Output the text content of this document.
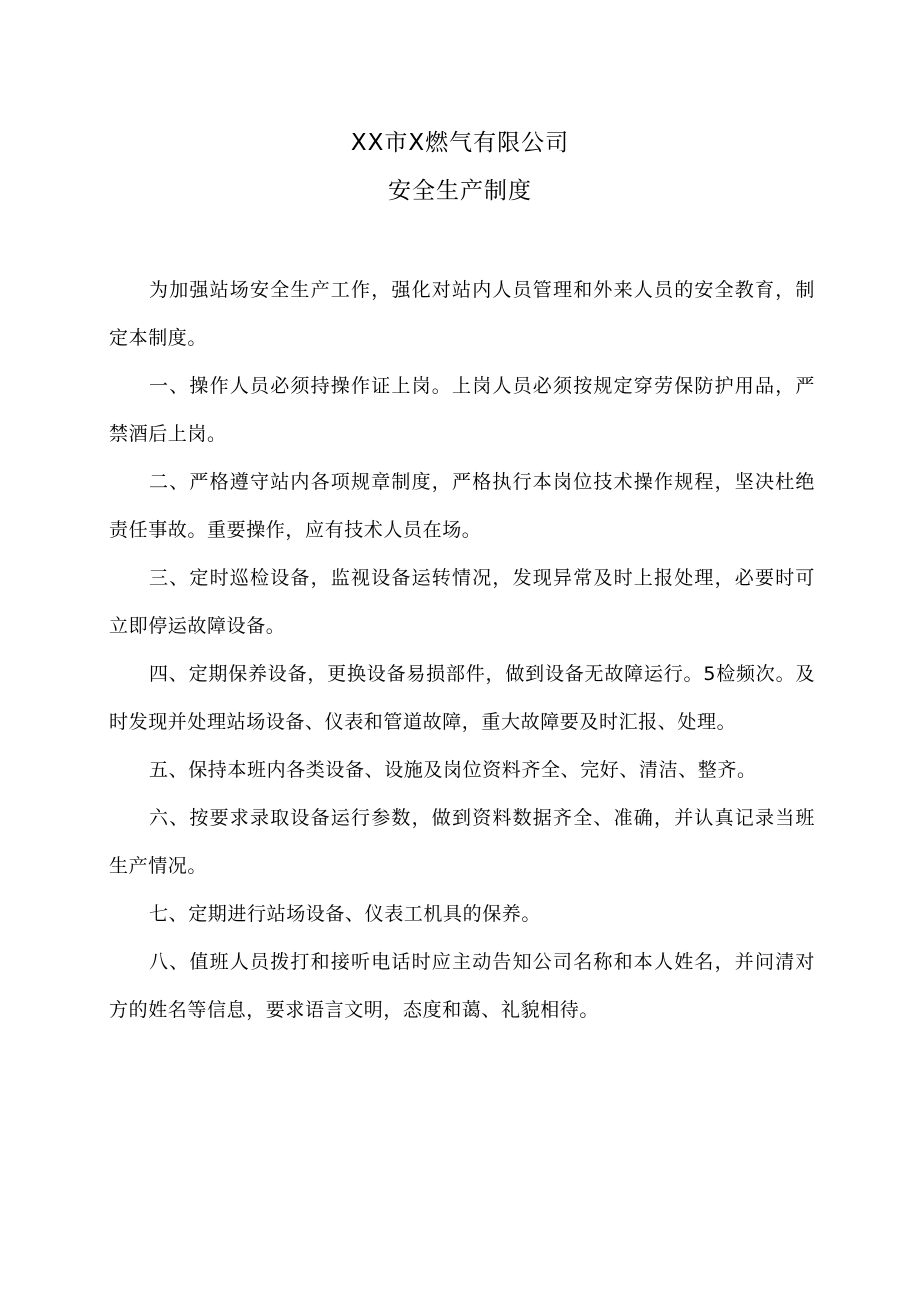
XX市X燃气有限公司
安全生产制度

为加强站场安全生产工作，强化对站内人员管理和外来人员的安全教育，制定本制度。

一、操作人员必须持操作证上岗。上岗人员必须按规定穿劳保防护用品，严禁酒后上岗。

二、严格遵守站内各项规章制度，严格执行本岗位技术操作规程，坚决杜绝责任事故。重要操作，应有技术人员在场。

三、定时巡检设备，监视设备运转情况，发现异常及时上报处理，必要时可立即停运故障设备。

四、定期保养设备，更换设备易损部件，做到设备无故障运行。5检频次。及时发现并处理站场设备、仪表和管道故障，重大故障要及时汇报、处理。

五、保持本班内各类设备、设施及岗位资料齐全、完好、清洁、整齐。

六、按要求录取设备运行参数，做到资料数据齐全、准确，并认真记录当班生产情况。

七、定期进行站场设备、仪表工机具的保养。

八、值班人员拨打和接听电话时应主动告知公司名称和本人姓名，并问清对方的姓名等信息，要求语言文明，态度和蔼、礼貌相待。
